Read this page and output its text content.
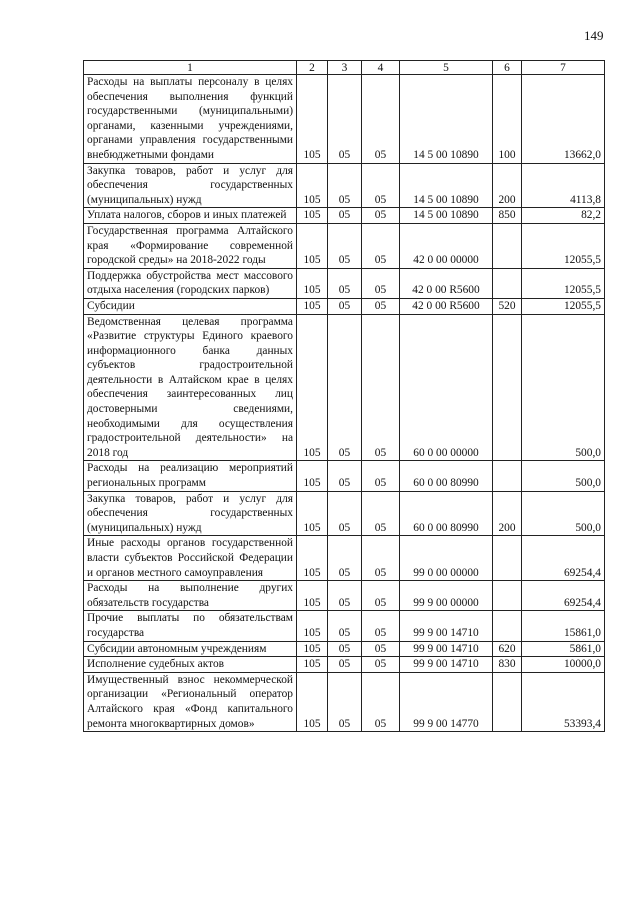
149
1	2	3	4	5	6	7
Расходы на выплаты персоналу в целях обеспечения выполнения функций государственными (муниципальными) органами, казенными учреждениями, органами управления государственными внебюджетными фондами	105	05	05	14 5 00 10890	100	13662,0
Закупка товаров, работ и услуг для обеспечения государственных (муниципальных) нужд	105	05	05	14 5 00 10890	200	4113,8
Уплата налогов, сборов и иных платежей	105	05	05	14 5 00 10890	850	82,2
Государственная программа Алтайского края «Формирование современной городской среды» на 2018-2022 годы	105	05	05	42 0 00 00000		12055,5
Поддержка обустройства мест массового отдыха населения (городских парков)	105	05	05	42 0 00 R5600		12055,5
Субсидии	105	05	05	42 0 00 R5600	520	12055,5
Ведомственная целевая программа «Развитие структуры Единого краевого информационного банка данных субъектов градостроительной деятельности в Алтайском крае в целях обеспечения заинтересованных лиц достоверными сведениями, необходимыми для осуществления градостроительной деятельности» на 2018 год	105	05	05	60 0 00 00000		500,0
Расходы на реализацию мероприятий региональных программ	105	05	05	60 0 00 80990		500,0
Закупка товаров, работ и услуг для обеспечения государственных (муниципальных) нужд	105	05	05	60 0 00 80990	200	500,0
Иные расходы органов государственной власти субъектов Российской Федерации и органов местного самоуправления	105	05	05	99 0 00 00000		69254,4
Расходы на выполнение других обязательств государства	105	05	05	99 9 00 00000		69254,4
Прочие выплаты по обязательствам государства	105	05	05	99 9 00 14710		15861,0
Субсидии автономным учреждениям	105	05	05	99 9 00 14710	620	5861,0
Исполнение судебных актов	105	05	05	99 9 00 14710	830	10000,0
Имущественный взнос некоммерческой организации «Региональный оператор Алтайского края «Фонд капитального ремонта многоквартирных домов»	105	05	05	99 9 00 14770		53393,4
